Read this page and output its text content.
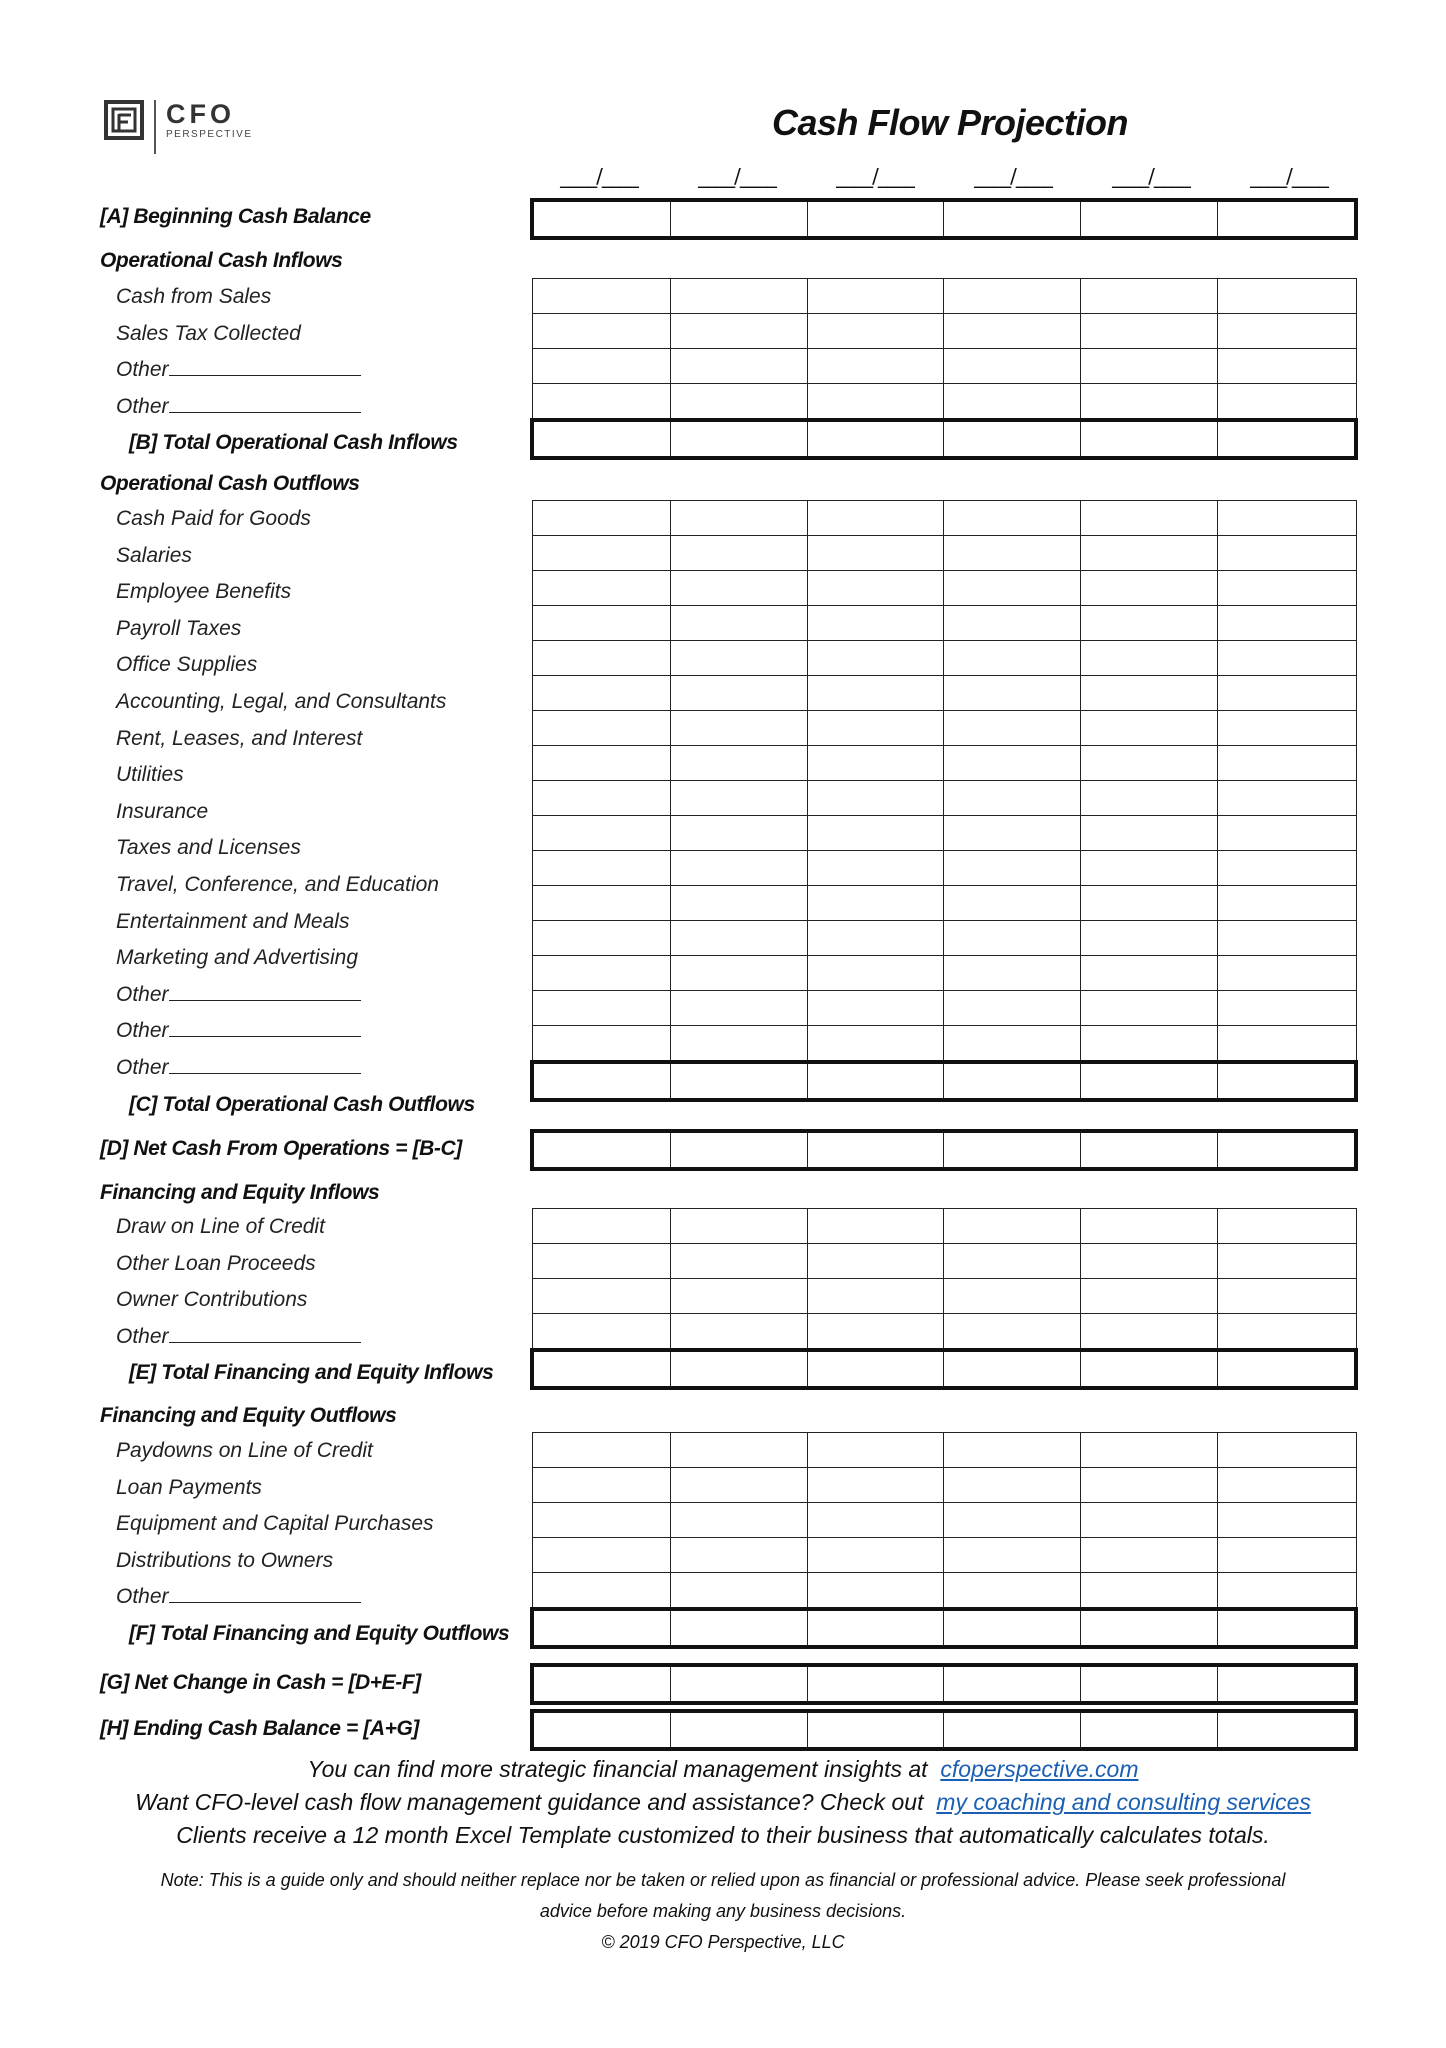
CFO
PERSPECTIVE	Cash Flow Projection
____/____	____/____	____/____	____/____	____/____	____/____
[A] Beginning Cash Balance
Operational Cash Inflows
Cash from Sales
Sales Tax Collected
Other
Other
[B] Total Operational Cash Inflows
Operational Cash Outflows
Cash Paid for Goods
Salaries
Employee Benefits
Payroll Taxes
Office Supplies
Accounting, Legal, and Consultants
Rent, Leases, and Interest
Utilities
Insurance
Taxes and Licenses
Travel, Conference, and Education
Entertainment and Meals
Marketing and Advertising
Other
Other
Other
[C] Total Operational Cash Outflows
[D] Net Cash From Operations = [B-C]
Financing and Equity Inflows
Draw on Line of Credit
Other Loan Proceeds
Owner Contributions
Other
[E] Total Financing and Equity Inflows
Financing and Equity Outflows
Paydowns on Line of Credit
Loan Payments
Equipment and Capital Purchases
Distributions to Owners
Other
[F] Total Financing and Equity Outflows
[G] Net Change in Cash = [D+E-F]
[H] Ending Cash Balance = [A+G]

You can find more strategic financial management insights at cfoperspective.com
Want CFO-level cash flow management guidance and assistance? Check out my coaching and consulting services
Clients receive a 12 month Excel Template customized to their business that automatically calculates totals.
Note: This is a guide only and should neither replace nor be taken or relied upon as financial or professional advice. Please seek professional
advice before making any business decisions.
© 2019 CFO Perspective, LLC
